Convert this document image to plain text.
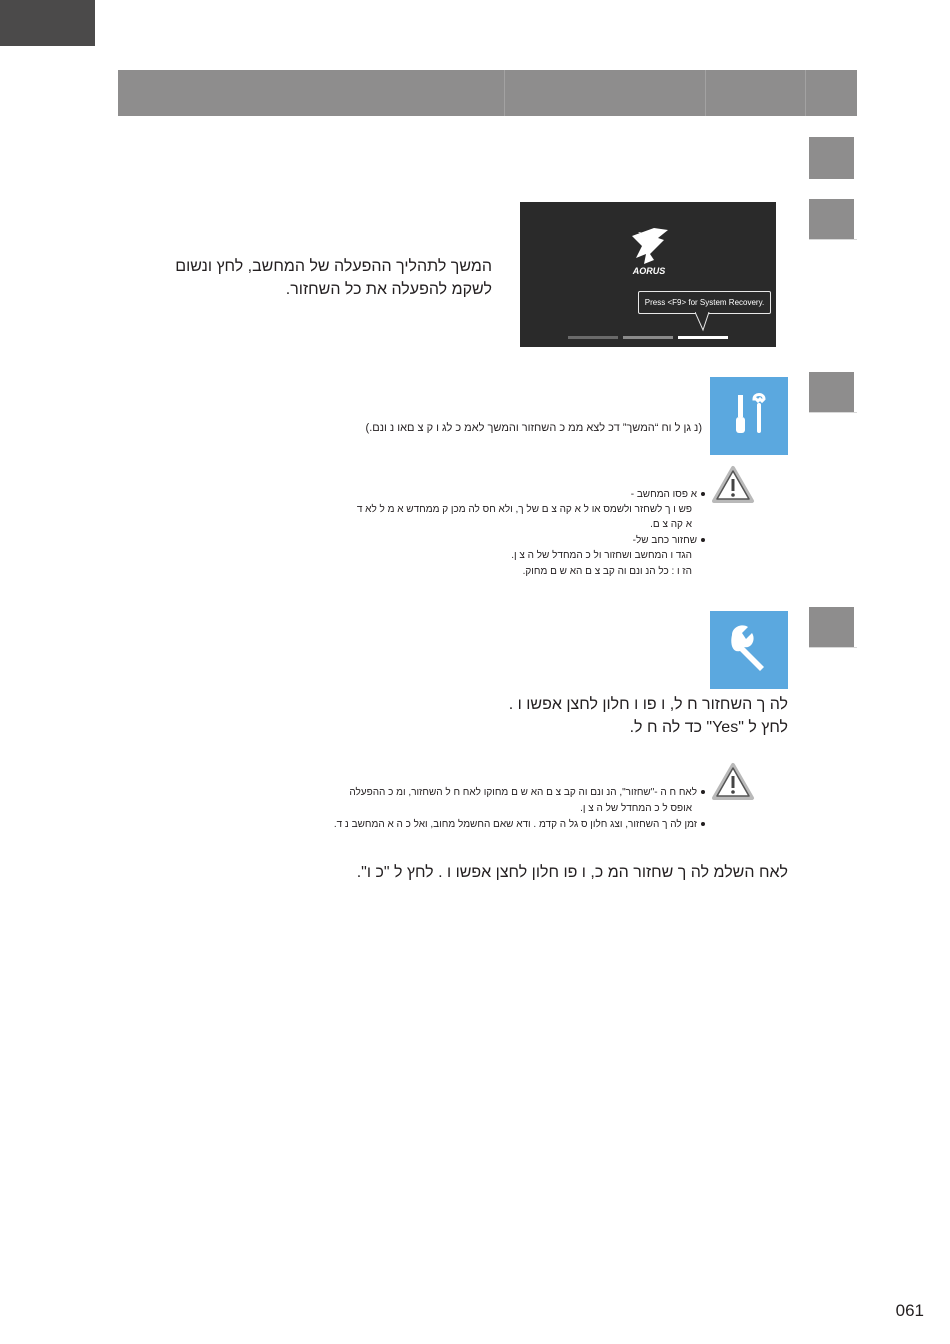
AORUS
Press <F9> for System Recovery.
המשך לתהליך ההפעלה של המחשב, לחץ ונשום
לשקמ להפעלה את כל השחזור.
(נ גן ל וח “המשך” דכ לצא ממ כ השחזור והמשך לאמ כ לג ו ק צ םאו נ ונם.)
א פסו המחשב -
פש ו ך לשחזר ולשמס או ל א קה צ ם של ך, ולא חס לה מכן ק ממחדש א מ ל לא ד
א קה צ ם.
שחזור כחב של-
הגד ו המחשב ושחזור ול כ המחדל של ה צ ן.
הז ו : כל הנ ונם וה קב צ ם הא ש ם מחוק.
לה ך השחזור ח ל, ו פו ו חלון לחצן אפשו ו .
לחץ ל "Yes" כד לה ח ל.
לאח ח ה -"שחזור", הנ ונם וה קב צ ם הא ש ם מחוקו לאח ח ל השחזור, ומ כ ההפעלה
אופס ל כ המחדל של ה צ ן.
זמן לה ך השחזור, וצג חלון ס גל ה קדמ . ודא שאם החשמל מחוב, ואל כ ה א המחשב נ ד.
לאח השלמ לה ך שחזור המ כ, ו פו חלון לחצן אפשו ו . לחץ ל "כ ו".
061
